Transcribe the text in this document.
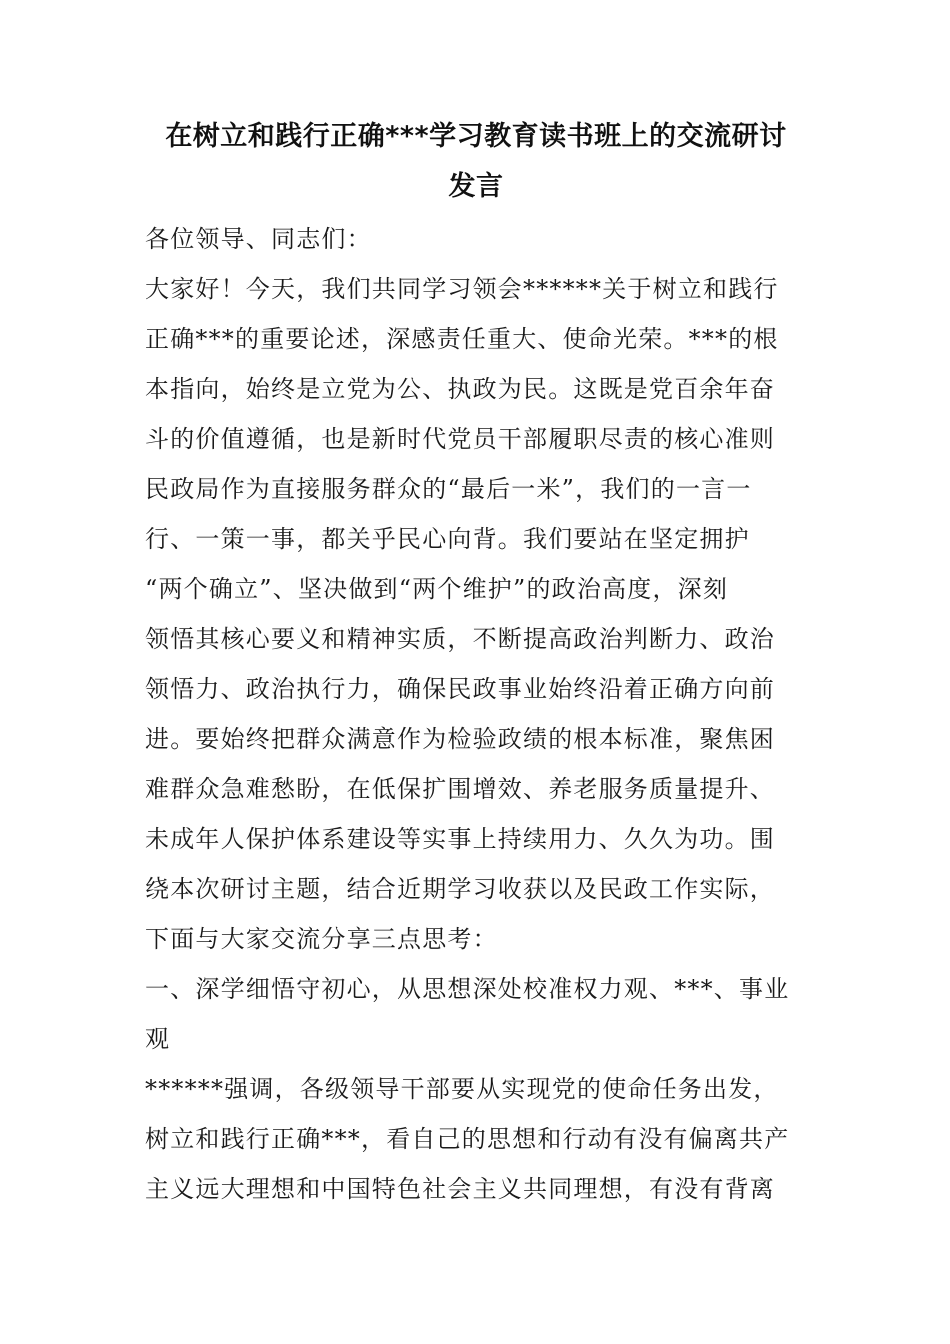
在树立和践行正确***学习教育读书班上的交流研讨
发言
各位领导、同志们：
大家好！今天，我们共同学习领会******关于树立和践行
正确***的重要论述，深感责任重大、使命光荣。***的根
本指向，始终是立党为公、执政为民。这既是党百余年奋
斗的价值遵循，也是新时代党员干部履职尽责的核心准则
民政局作为直接服务群众的“最后一米”，我们的一言一
行、一策一事，都关乎民心向背。我们要站在坚定拥护
“两个确立”、坚决做到“两个维护”的政治高度，深刻
领悟其核心要义和精神实质，不断提高政治判断力、政治
领悟力、政治执行力，确保民政事业始终沿着正确方向前
进。要始终把群众满意作为检验政绩的根本标准，聚焦困
难群众急难愁盼，在低保扩围增效、养老服务质量提升、
未成年人保护体系建设等实事上持续用力、久久为功。围
绕本次研讨主题，结合近期学习收获以及民政工作实际，
下面与大家交流分享三点思考：
一、深学细悟守初心，从思想深处校准权力观、***、事业
观
******强调，各级领导干部要从实现党的使命任务出发，
树立和践行正确***，看自己的思想和行动有没有偏离共产
主义远大理想和中国特色社会主义共同理想，有没有背离
